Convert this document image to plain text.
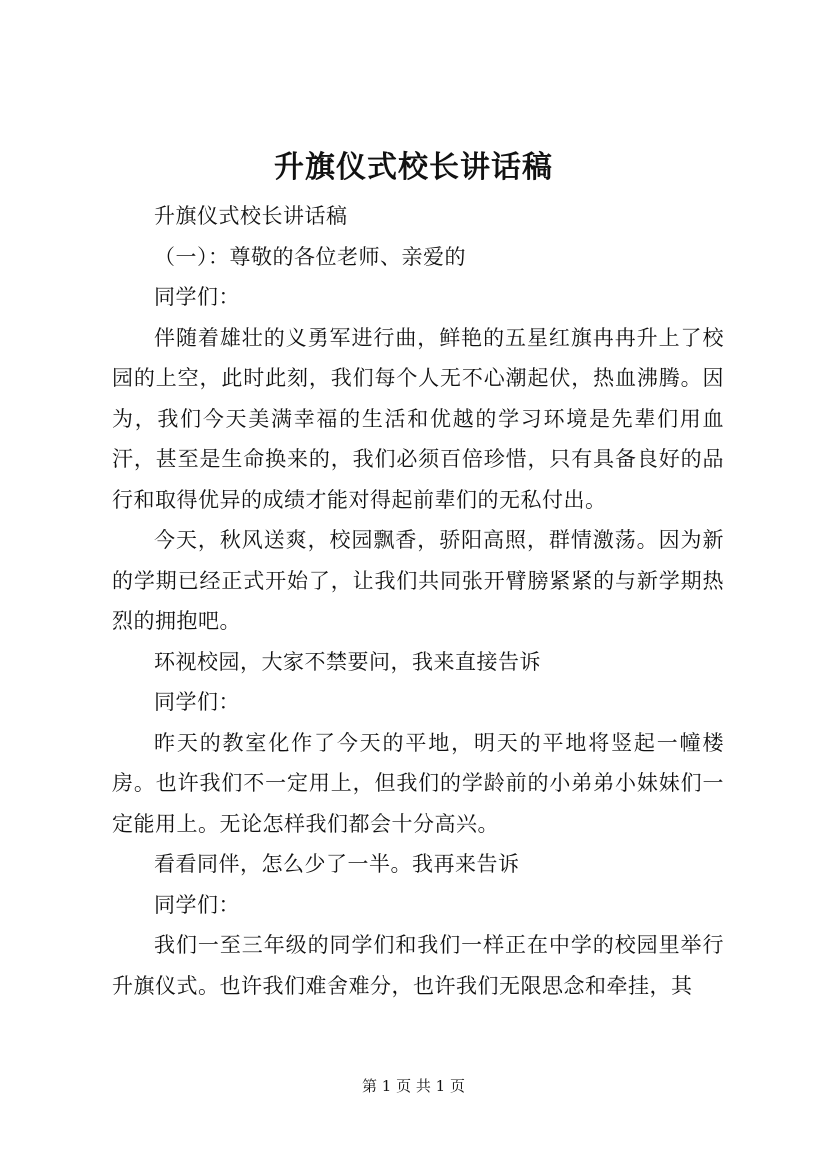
升旗仪式校长讲话稿

升旗仪式校长讲话稿

（一）：尊敬的各位老师、亲爱的

同学们：

伴随着雄壮的义勇军进行曲，鲜艳的五星红旗冉冉升上了校园的上空，此时此刻，我们每个人无不心潮起伏，热血沸腾。因为，我们今天美满幸福的生活和优越的学习环境是先辈们用血汗，甚至是生命换来的，我们必须百倍珍惜，只有具备良好的品行和取得优异的成绩才能对得起前辈们的无私付出。

今天，秋风送爽，校园飘香，骄阳高照，群情激荡。因为新的学期已经正式开始了，让我们共同张开臂膀紧紧的与新学期热烈的拥抱吧。

环视校园，大家不禁要问，我来直接告诉

同学们：

昨天的教室化作了今天的平地，明天的平地将竖起一幢楼房。也许我们不一定用上，但我们的学龄前的小弟弟小妹妹们一定能用上。无论怎样我们都会十分高兴。

看看同伴，怎么少了一半。我再来告诉

同学们：

我们一至三年级的同学们和我们一样正在中学的校园里举行升旗仪式。也许我们难舍难分，也许我们无限思念和牵挂，其

第 1 页 共 1 页
